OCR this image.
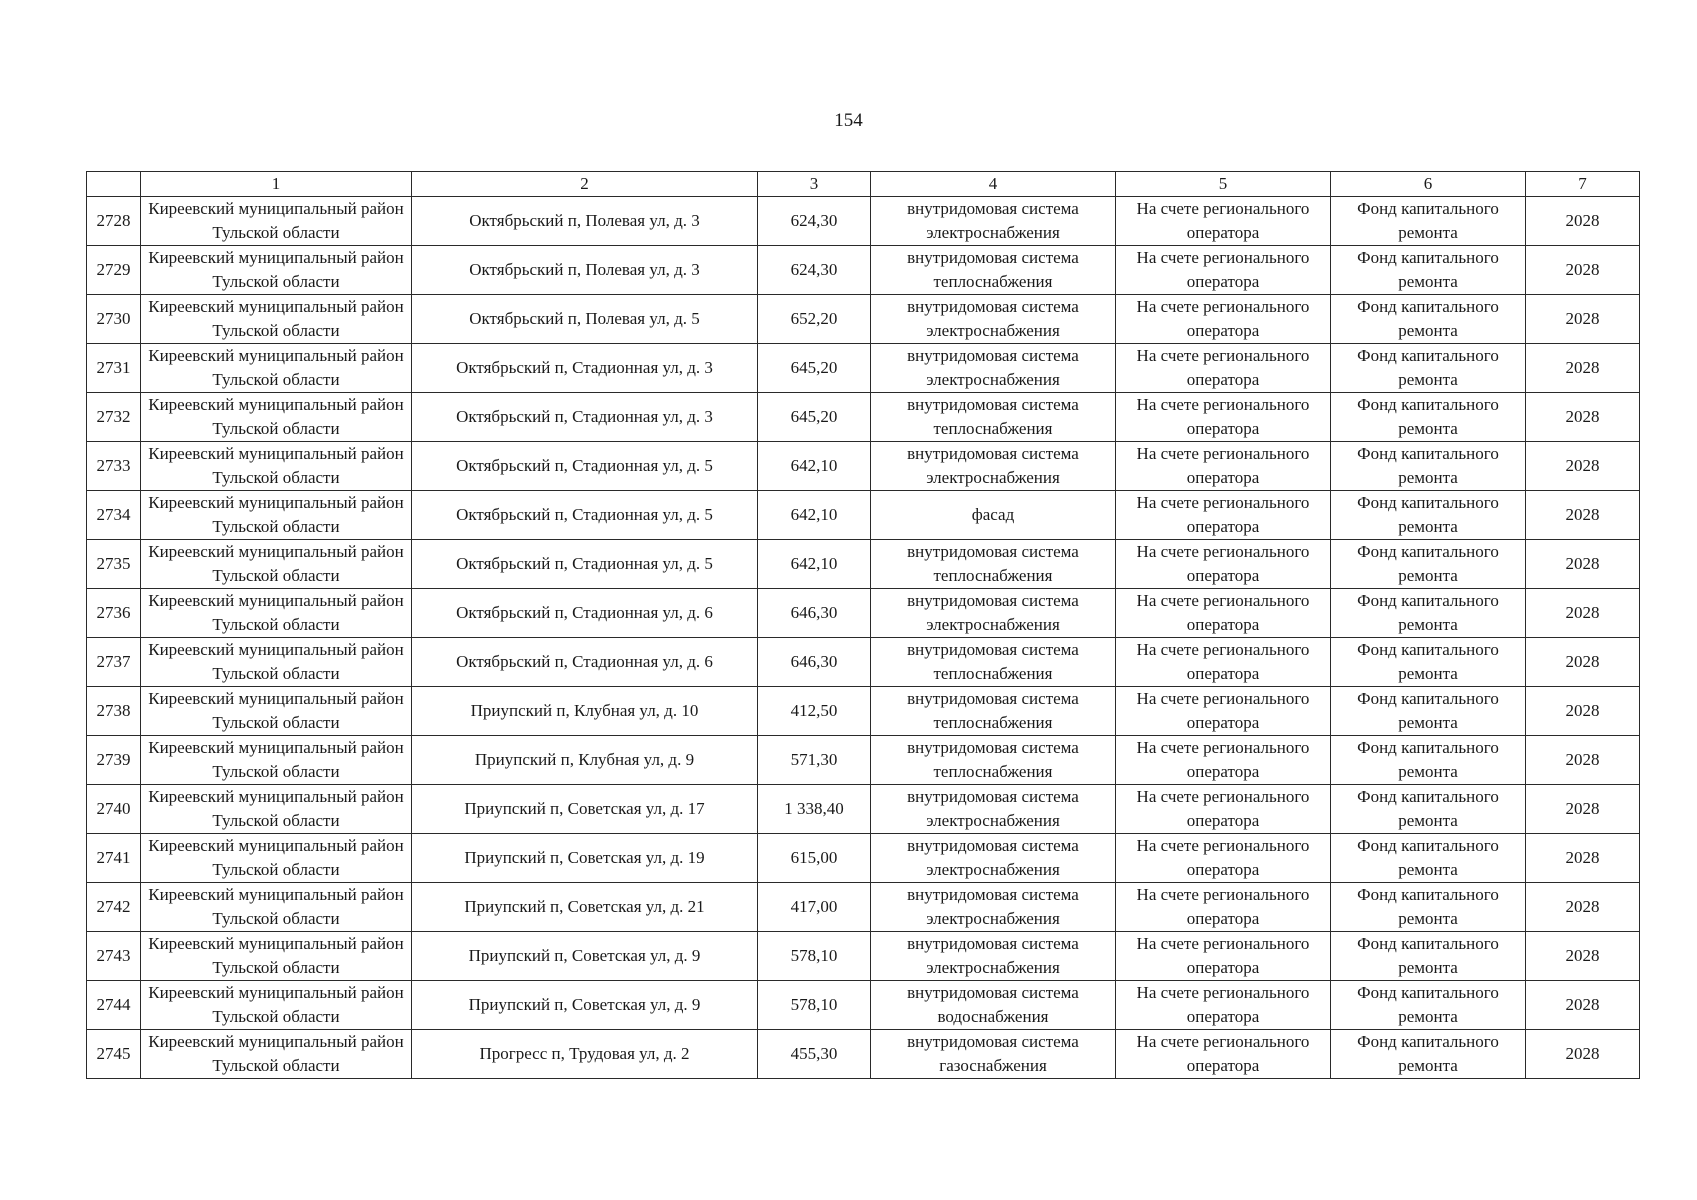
154
	1	2	3	4	5	6	7
2728	Киреевский муниципальный район Тульской области	Октябрьский п, Полевая ул, д. 3	624,30	внутридомовая система электроснабжения	На счете регионального оператора	Фонд капитального ремонта	2028
2729	Киреевский муниципальный район Тульской области	Октябрьский п, Полевая ул, д. 3	624,30	внутридомовая система теплоснабжения	На счете регионального оператора	Фонд капитального ремонта	2028
2730	Киреевский муниципальный район Тульской области	Октябрьский п, Полевая ул, д. 5	652,20	внутридомовая система электроснабжения	На счете регионального оператора	Фонд капитального ремонта	2028
2731	Киреевский муниципальный район Тульской области	Октябрьский п, Стадионная ул, д. 3	645,20	внутридомовая система электроснабжения	На счете регионального оператора	Фонд капитального ремонта	2028
2732	Киреевский муниципальный район Тульской области	Октябрьский п, Стадионная ул, д. 3	645,20	внутридомовая система теплоснабжения	На счете регионального оператора	Фонд капитального ремонта	2028
2733	Киреевский муниципальный район Тульской области	Октябрьский п, Стадионная ул, д. 5	642,10	внутридомовая система электроснабжения	На счете регионального оператора	Фонд капитального ремонта	2028
2734	Киреевский муниципальный район Тульской области	Октябрьский п, Стадионная ул, д. 5	642,10	фасад	На счете регионального оператора	Фонд капитального ремонта	2028
2735	Киреевский муниципальный район Тульской области	Октябрьский п, Стадионная ул, д. 5	642,10	внутридомовая система теплоснабжения	На счете регионального оператора	Фонд капитального ремонта	2028
2736	Киреевский муниципальный район Тульской области	Октябрьский п, Стадионная ул, д. 6	646,30	внутридомовая система электроснабжения	На счете регионального оператора	Фонд капитального ремонта	2028
2737	Киреевский муниципальный район Тульской области	Октябрьский п, Стадионная ул, д. 6	646,30	внутридомовая система теплоснабжения	На счете регионального оператора	Фонд капитального ремонта	2028
2738	Киреевский муниципальный район Тульской области	Приупский п, Клубная ул, д. 10	412,50	внутридомовая система теплоснабжения	На счете регионального оператора	Фонд капитального ремонта	2028
2739	Киреевский муниципальный район Тульской области	Приупский п, Клубная ул, д. 9	571,30	внутридомовая система теплоснабжения	На счете регионального оператора	Фонд капитального ремонта	2028
2740	Киреевский муниципальный район Тульской области	Приупский п, Советская ул, д. 17	1 338,40	внутридомовая система электроснабжения	На счете регионального оператора	Фонд капитального ремонта	2028
2741	Киреевский муниципальный район Тульской области	Приупский п, Советская ул, д. 19	615,00	внутридомовая система электроснабжения	На счете регионального оператора	Фонд капитального ремонта	2028
2742	Киреевский муниципальный район Тульской области	Приупский п, Советская ул, д. 21	417,00	внутридомовая система электроснабжения	На счете регионального оператора	Фонд капитального ремонта	2028
2743	Киреевский муниципальный район Тульской области	Приупский п, Советская ул, д. 9	578,10	внутридомовая система электроснабжения	На счете регионального оператора	Фонд капитального ремонта	2028
2744	Киреевский муниципальный район Тульской области	Приупский п, Советская ул, д. 9	578,10	внутридомовая система водоснабжения	На счете регионального оператора	Фонд капитального ремонта	2028
2745	Киреевский муниципальный район Тульской области	Прогресс п, Трудовая ул, д. 2	455,30	внутридомовая система газоснабжения	На счете регионального оператора	Фонд капитального ремонта	2028
